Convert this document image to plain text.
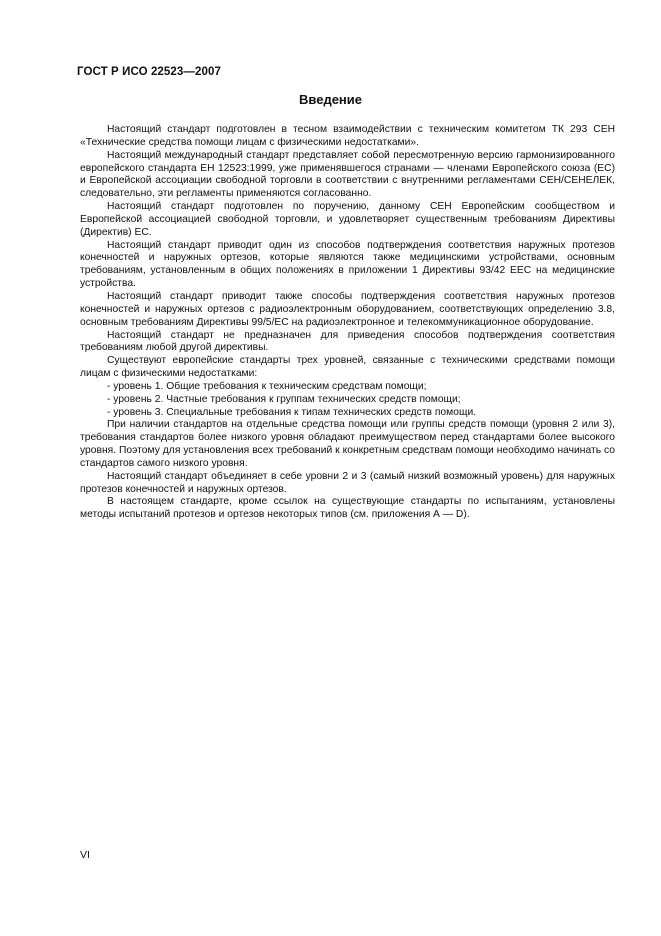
ГОСТ Р ИСО 22523—2007
Введение

Настоящий стандарт подготовлен в тесном взаимодействии с техническим комитетом ТК 293 СЕН «Технические средства помощи лицам с физическими недостатками».

Настоящий международный стандарт представляет собой пересмотренную версию гармонизированного европейского стандарта ЕН 12523:1999, уже применявшегося странами — членами Европейского союза (ЕС) и Европейской ассоциации свободной торговли в соответствии с внутренними регламентами СЕН/СЕНЕЛЕК, следовательно, эти регламенты применяются согласованно.

Настоящий стандарт подготовлен по поручению, данному СЕН Европейским сообществом и Европейской ассоциацией свободной торговли, и удовлетворяет существенным требованиям Директивы (Директив) ЕС.

Настоящий стандарт приводит один из способов подтверждения соответствия наружных протезов конечностей и наружных ортезов, которые являются также медицинскими устройствами, основным требованиям, установленным в общих положениях в приложении 1 Директивы 93/42 ЕЕС на медицинские устройства.

Настоящий стандарт приводит также способы подтверждения соответствия наружных протезов конечностей и наружных ортезов с радиоэлектронным оборудованием, соответствующих определению 3.8, основным требованиям Директивы 99/5/ЕС на радиоэлектронное и телекоммуникационное оборудование.

Настоящий стандарт не предназначен для приведения способов подтверждения соответствия требованиям любой другой директивы.

Существуют европейские стандарты трех уровней, связанные с техническими средствами помощи лицам с физическими недостатками:

- уровень 1. Общие требования к техническим средствам помощи;

- уровень 2. Частные требования к группам технических средств помощи;

- уровень 3. Специальные требования к типам технических средств помощи.

При наличии стандартов на отдельные средства помощи или группы средств помощи (уровня 2 или 3), требования стандартов более низкого уровня обладают преимуществом перед стандартами более высокого уровня. Поэтому для установления всех требований к конкретным средствам помощи необходимо начинать со стандартов самого низкого уровня.

Настоящий стандарт объединяет в себе уровни 2 и 3 (самый низкий возможный уровень) для наружных протезов конечностей и наружных ортезов.

В настоящем стандарте, кроме ссылок на существующие стандарты по испытаниям, установлены методы испытаний протезов и ортезов некоторых типов (см. приложения А — D).

VI
